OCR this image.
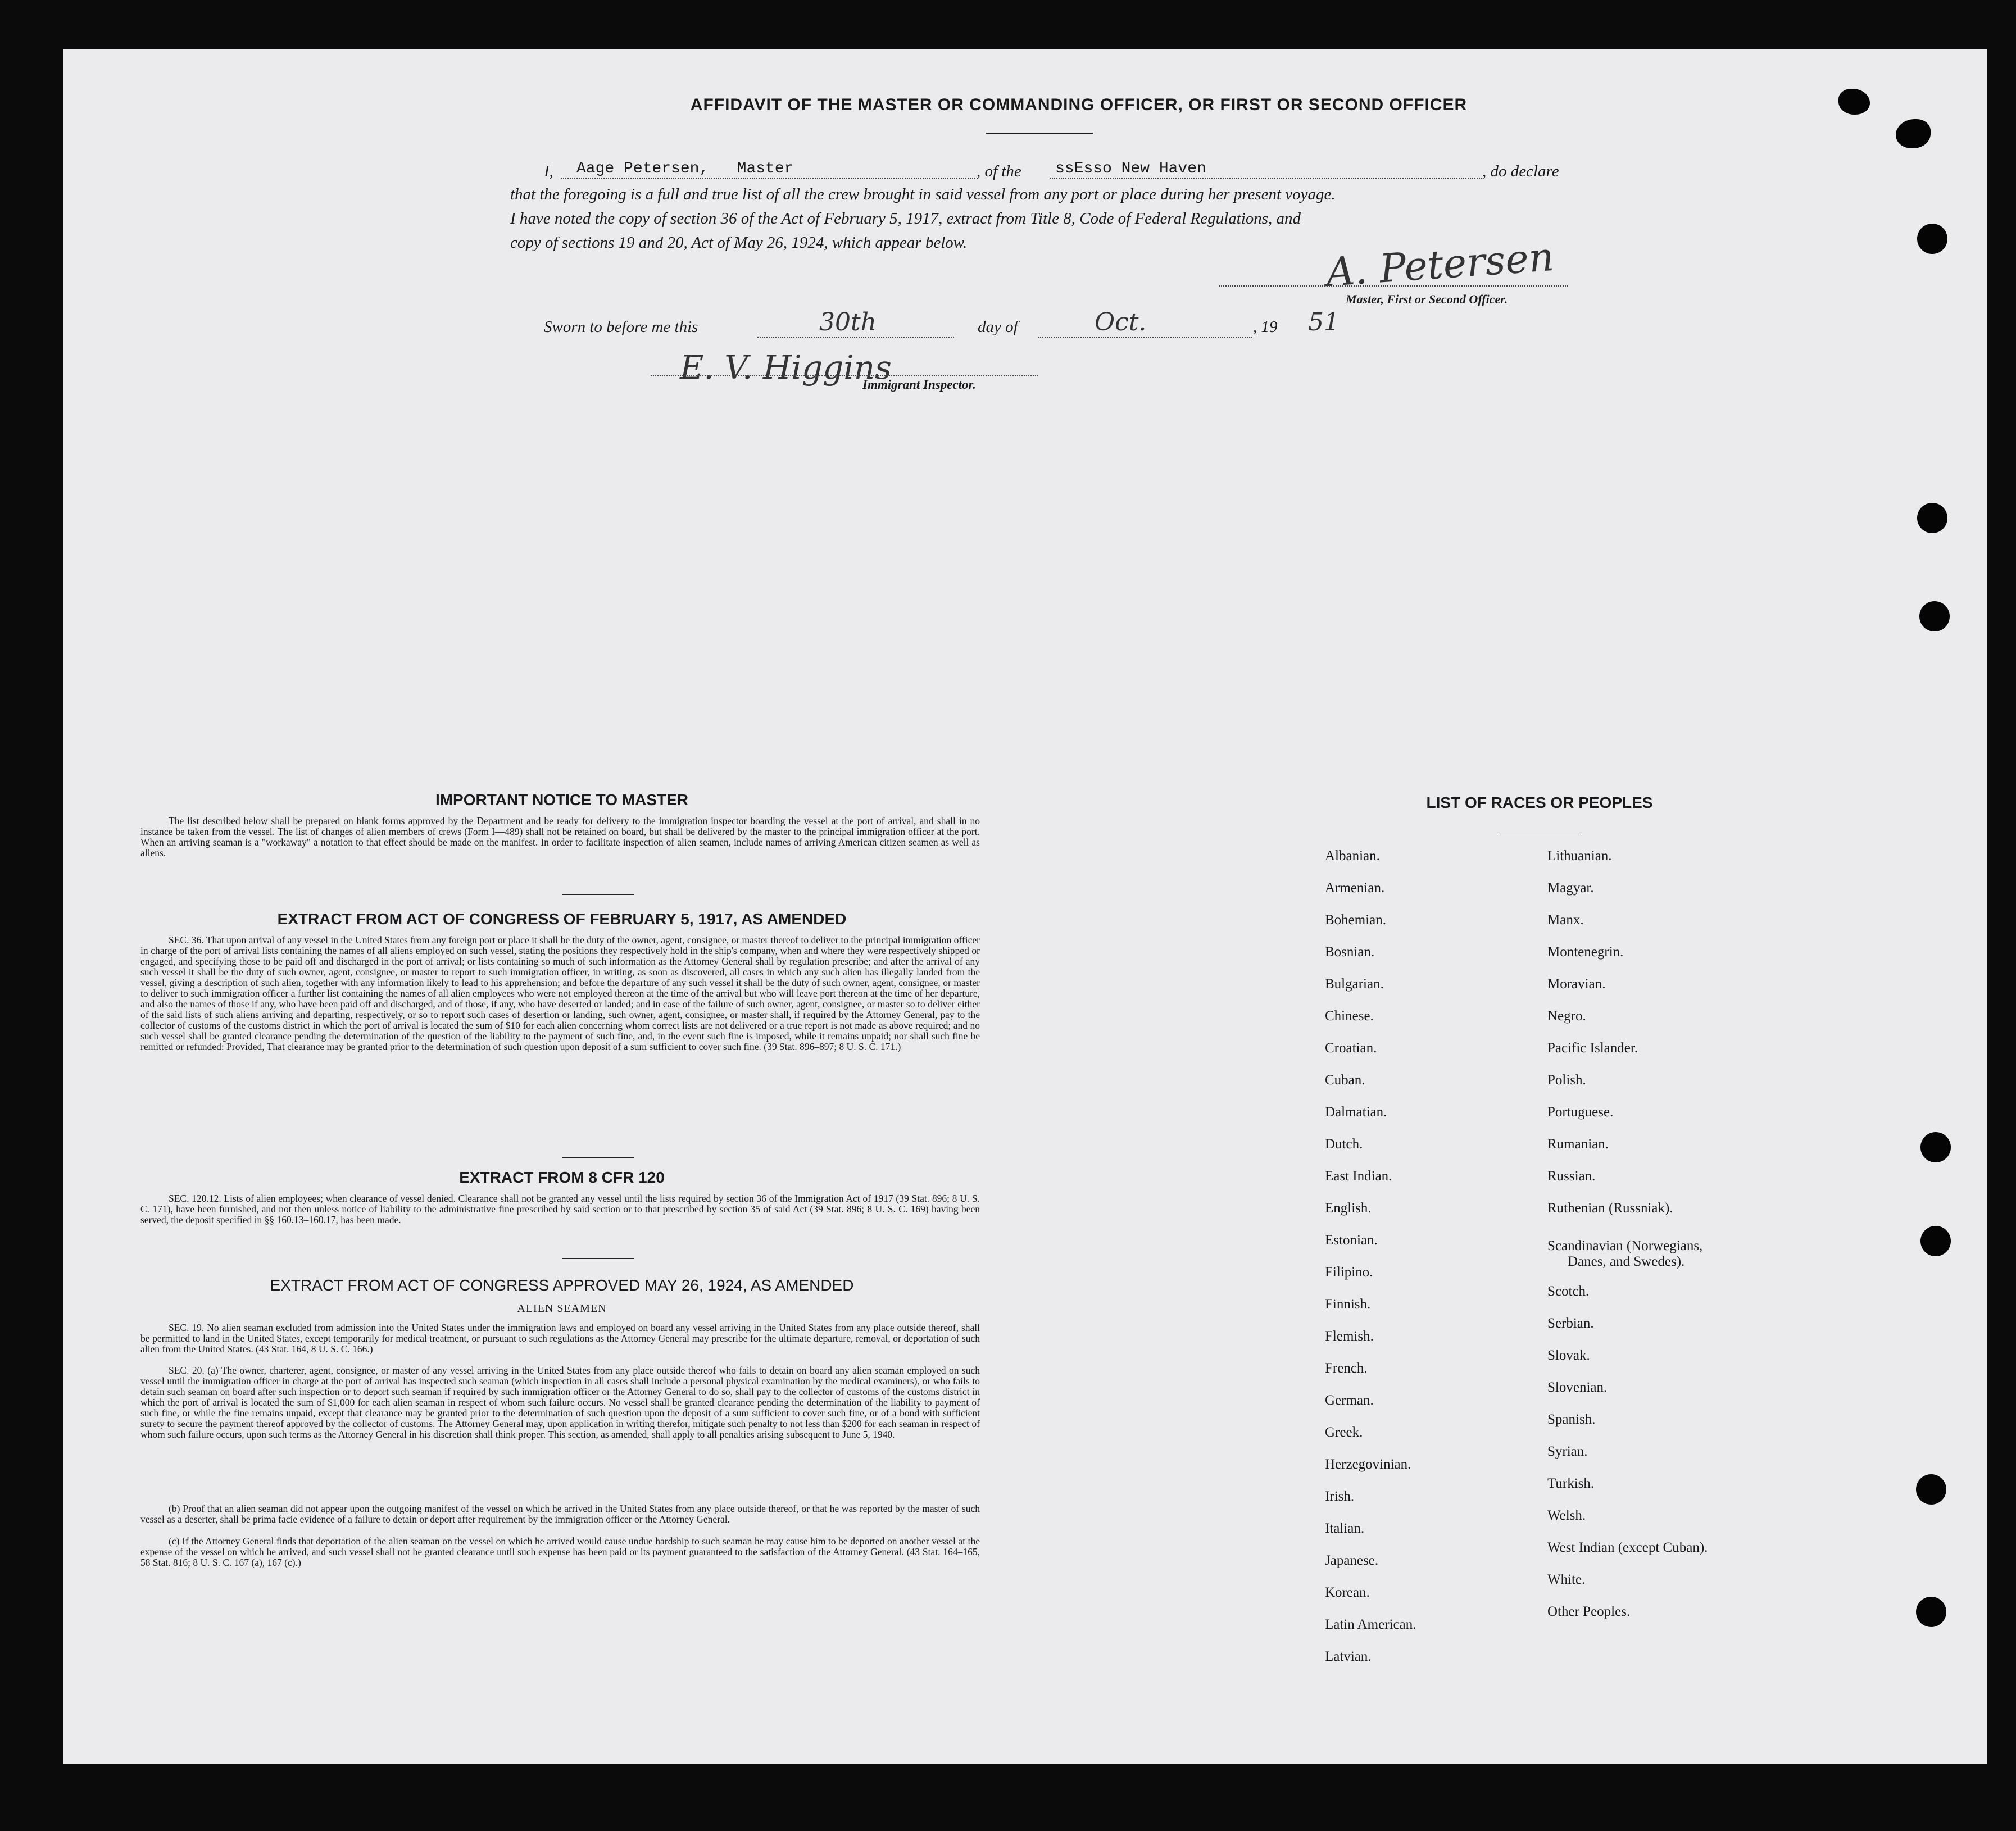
AFFIDAVIT OF THE MASTER OR COMMANDING OFFICER, OR FIRST OR SECOND OFFICER
I,	Aage Petersen,   Master	, of the	ssEsso New Haven	, do declare
that the foregoing is a full and true list of all the crew brought in said vessel from any port or place during her present voyage.
I have noted the copy of section 36 of the Act of February 5, 1917, extract from Title 8, Code of Federal Regulations, and
copy of sections 19 and 20, Act of May 26, 1924, which appear below.	A. Petersen
Master, First or Second Officer.
Sworn to before me this	30th	day of	Oct.	, 19 51
E. V. Higgins
Immigrant Inspector.
IMPORTANT NOTICE TO MASTER
The list described below shall be prepared on blank forms approved by the Department and be ready for delivery to the immigration inspector boarding the vessel at the port of arrival, and shall in no instance be taken from the vessel. The list of changes of alien members of crews (Form I—489) shall not be retained on board, but shall be delivered by the master to the principal immigration officer at the port. When an arriving seaman is a "workaway" a notation to that effect should be made on the manifest. In order to facilitate inspection of alien seamen, include names of arriving American citizen seamen as well as aliens.
EXTRACT FROM ACT OF CONGRESS OF FEBRUARY 5, 1917, AS AMENDED
SEC. 36. That upon arrival of any vessel in the United States from any foreign port or place it shall be the duty of the owner, agent, consignee, or master thereof to deliver to the principal immigration officer in charge of the port of arrival lists containing the names of all aliens employed on such vessel, stating the positions they respectively hold in the ship's company, when and where they were respectively shipped or engaged, and specifying those to be paid off and discharged in the port of arrival; or lists containing so much of such information as the Attorney General shall by regulation prescribe; and after the arrival of any such vessel it shall be the duty of such owner, agent, consignee, or master to report to such immigration officer, in writing, as soon as discovered, all cases in which any such alien has illegally landed from the vessel, giving a description of such alien, together with any information likely to lead to his apprehension; and before the departure of any such vessel it shall be the duty of such owner, agent, consignee, or master to deliver to such immigration officer a further list containing the names of all alien employees who were not employed thereon at the time of the arrival but who will leave port thereon at the time of her departure, and also the names of those if any, who have been paid off and discharged, and of those, if any, who have deserted or landed; and in case of the failure of such owner, agent, consignee, or master so to deliver either of the said lists of such aliens arriving and departing, respectively, or so to report such cases of desertion or landing, such owner, agent, consignee, or master shall, if required by the Attorney General, pay to the collector of customs of the customs district in which the port of arrival is located the sum of $10 for each alien concerning whom correct lists are not delivered or a true report is not made as above required; and no such vessel shall be granted clearance pending the determination of the question of the liability to the payment of such fine, and, in the event such fine is imposed, while it remains unpaid; nor shall such fine be remitted or refunded: Provided, That clearance may be granted prior to the determination of such question upon deposit of a sum sufficient to cover such fine. (39 Stat. 896–897; 8 U. S. C. 171.)
EXTRACT FROM 8 CFR 120
SEC. 120.12. Lists of alien employees; when clearance of vessel denied. Clearance shall not be granted any vessel until the lists required by section 36 of the Immigration Act of 1917 (39 Stat. 896; 8 U. S. C. 171), have been furnished, and not then unless notice of liability to the administrative fine prescribed by said section or to that prescribed by section 35 of said Act (39 Stat. 896; 8 U. S. C. 169) having been served, the deposit specified in §§ 160.13–160.17, has been made.
EXTRACT FROM ACT OF CONGRESS APPROVED MAY 26, 1924, AS AMENDED
ALIEN SEAMEN
SEC. 19. No alien seaman excluded from admission into the United States under the immigration laws and employed on board any vessel arriving in the United States from any place outside thereof, shall be permitted to land in the United States, except temporarily for medical treatment, or pursuant to such regulations as the Attorney General may prescribe for the ultimate departure, removal, or deportation of such alien from the United States. (43 Stat. 164, 8 U. S. C. 166.)
SEC. 20. (a) The owner, charterer, agent, consignee, or master of any vessel arriving in the United States from any place outside thereof who fails to detain on board any alien seaman employed on such vessel until the immigration officer in charge at the port of arrival has inspected such seaman (which inspection in all cases shall include a personal physical examination by the medical examiners), or who fails to detain such seaman on board after such inspection or to deport such seaman if required by such immigration officer or the Attorney General to do so, shall pay to the collector of customs of the customs district in which the port of arrival is located the sum of $1,000 for each alien seaman in respect of whom such failure occurs. No vessel shall be granted clearance pending the determination of the liability to payment of such fine, or while the fine remains unpaid, except that clearance may be granted prior to the determination of such question upon the deposit of a sum sufficient to cover such fine, or of a bond with sufficient surety to secure the payment thereof approved by the collector of customs. The Attorney General may, upon application in writing therefor, mitigate such penalty to not less than $200 for each seaman in respect of whom such failure occurs, upon such terms as the Attorney General in his discretion shall think proper. This section, as amended, shall apply to all penalties arising subsequent to June 5, 1940.
(b) Proof that an alien seaman did not appear upon the outgoing manifest of the vessel on which he arrived in the United States from any place outside thereof, or that he was reported by the master of such vessel as a deserter, shall be prima facie evidence of a failure to detain or deport after requirement by the immigration officer or the Attorney General.
(c) If the Attorney General finds that deportation of the alien seaman on the vessel on which he arrived would cause undue hardship to such seaman he may cause him to be deported on another vessel at the expense of the vessel on which he arrived, and such vessel shall not be granted clearance until such expense has been paid or its payment guaranteed to the satisfaction of the Attorney General. (43 Stat. 164–165, 58 Stat. 816; 8 U. S. C. 167 (a), 167 (c).)
LIST OF RACES OR PEOPLES
Albanian.
Armenian.
Bohemian.
Bosnian.
Bulgarian.
Chinese.
Croatian.
Cuban.
Dalmatian.
Dutch.
East Indian.
English.
Estonian.
Filipino.
Finnish.
Flemish.
French.
German.
Greek.
Herzegovinian.
Irish.
Italian.
Japanese.
Korean.
Latin American.
Latvian.
Lithuanian.
Magyar.
Manx.
Montenegrin.
Moravian.
Negro.
Pacific Islander.
Polish.
Portuguese.
Rumanian.
Russian.
Ruthenian (Russniak).
Scandinavian (Norwegians,
Danes, and Swedes).
Scotch.
Serbian.
Slovak.
Slovenian.
Spanish.
Syrian.
Turkish.
Welsh.
West Indian (except Cuban).
White.
Other Peoples.
